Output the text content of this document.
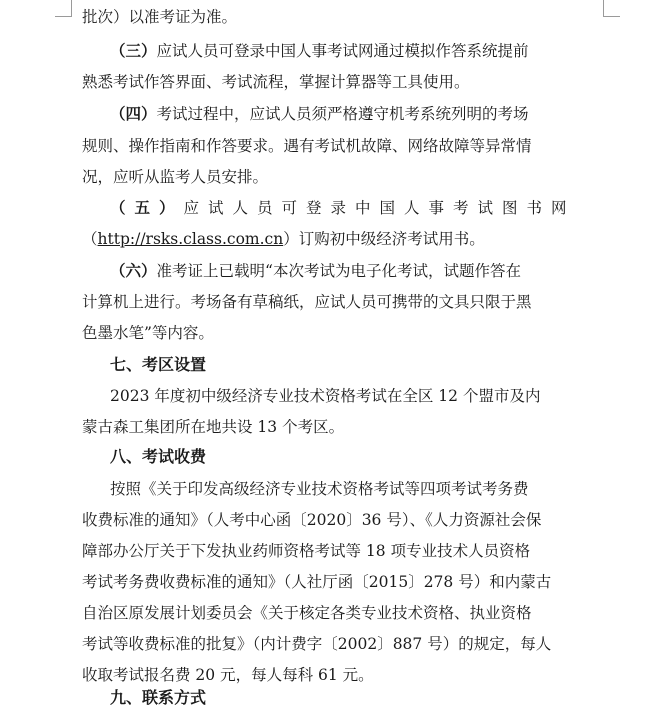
批次）以准考证为准。
（三）应试人员可登录中国人事考试网通过模拟作答系统提前
熟悉考试作答界面、考试流程，掌握计算器等工具使用。
（四）考试过程中，应试人员须严格遵守机考系统列明的考场
规则、操作指南和作答要求。遇有考试机故障、网络故障等异常情
况，应听从监考人员安排。
（五）应试人员可登录中国人事考试图书网
（http://rsks.class.com.cn）订购初中级经济考试用书。
（六）准考证上已载明“本次考试为电子化考试，试题作答在
计算机上进行。考场备有草稿纸，应试人员可携带的文具只限于黑
色墨水笔”等内容。
七、考区设置
2023 年度初中级经济专业技术资格考试在全区 12 个盟市及内
蒙古森工集团所在地共设 13 个考区。
八、考试收费
按照《关于印发高级经济专业技术资格考试等四项考试考务费
收费标准的通知》（人考中心函〔2020〕36 号）、《人力资源社会保
障部办公厅关于下发执业药师资格考试等 18 项专业技术人员资格
考试考务费收费标准的通知》（人社厅函〔2015〕278 号）和内蒙古
自治区原发展计划委员会《关于核定各类专业技术资格、执业资格
考试等收费标准的批复》（内计费字〔2002〕887 号）的规定，每人
收取考试报名费 20 元，每人每科 61 元。
九、联系方式
